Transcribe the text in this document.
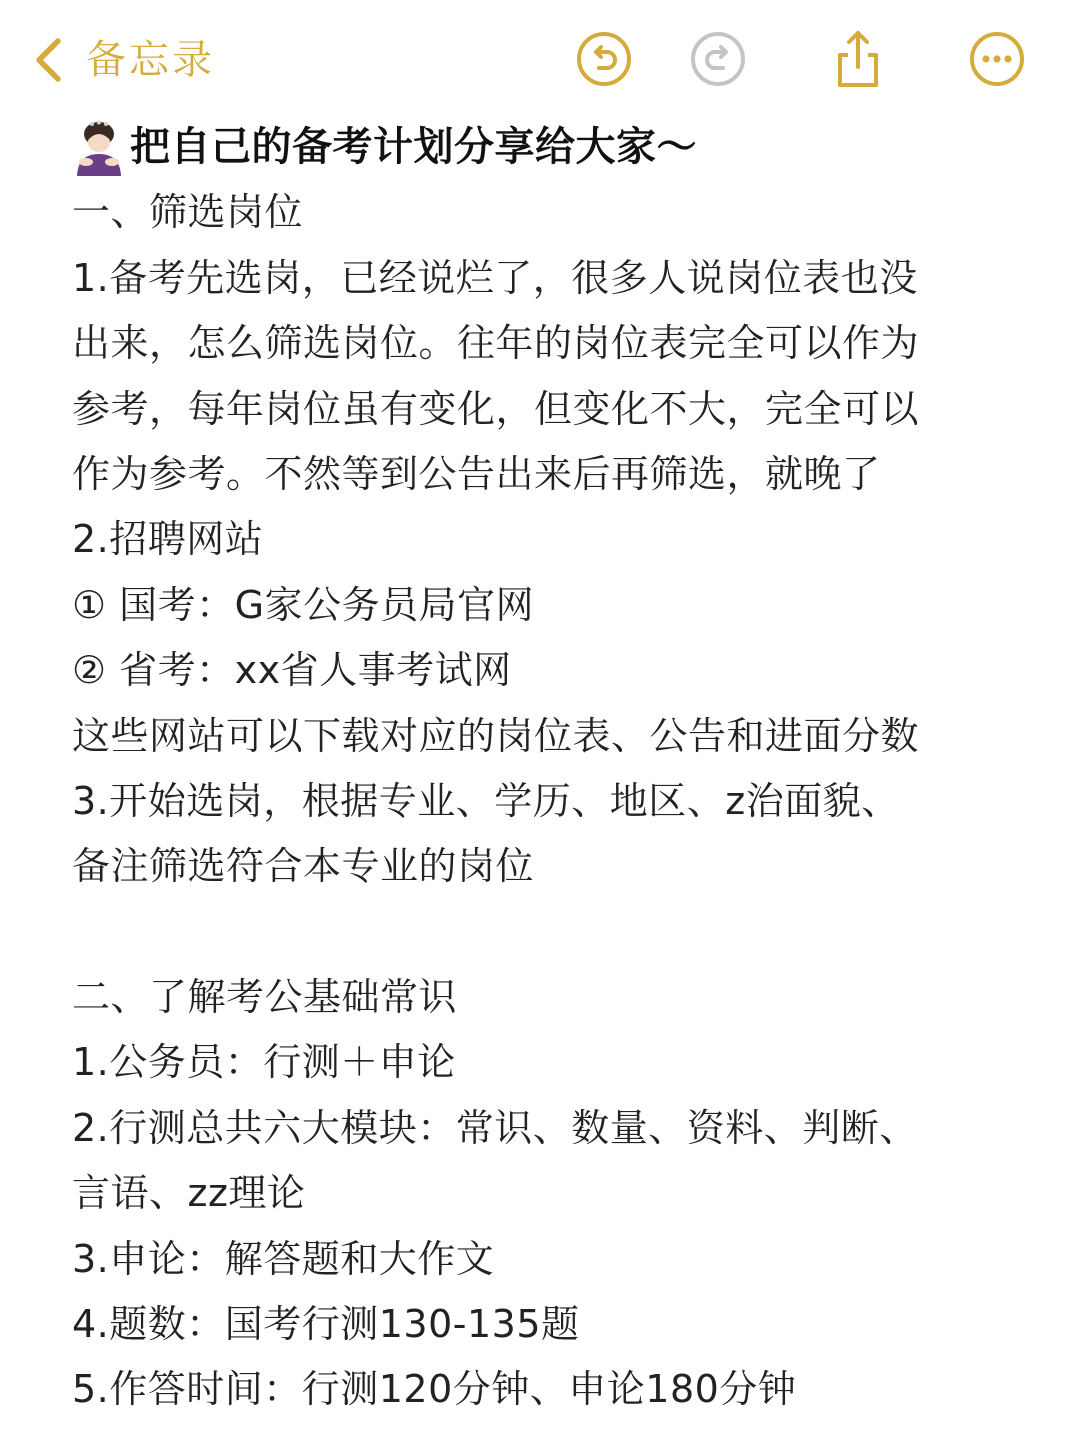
备忘录
把自己的备考计划分享给大家～
一、筛选岗位
1.备考先选岗，已经说烂了，很多人说岗位表也没
出来，怎么筛选岗位。往年的岗位表完全可以作为
参考，每年岗位虽有变化，但变化不大，完全可以
作为参考。不然等到公告出来后再筛选，就晚了
2.招聘网站
① 国考：G家公务员局官网
② 省考：xx省人事考试网
这些网站可以下载对应的岗位表、公告和进面分数
3.开始选岗，根据专业、学历、地区、z治面貌、
备注筛选符合本专业的岗位
二、了解考公基础常识
1.公务员：行测＋申论
2.行测总共六大模块：常识、数量、资料、判断、
言语、zz理论
3.申论：解答题和大作文
4.题数：国考行测130-135题
5.作答时间：行测120分钟、申论180分钟
